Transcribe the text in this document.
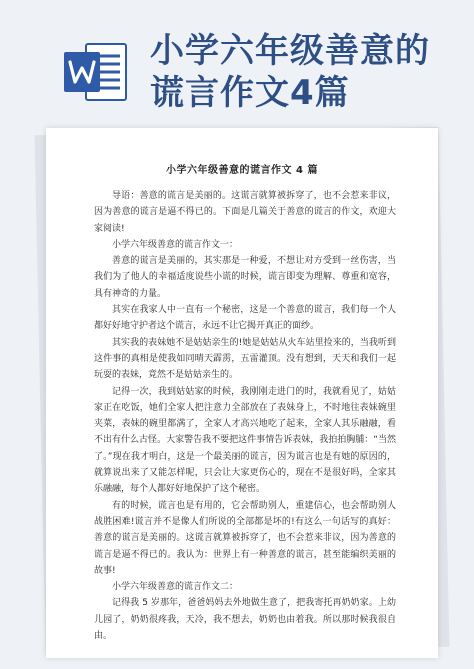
小学六年级善意的
谎言作文4篇
小学六年级善意的谎言作文 4 篇

导语：善意的谎言是美丽的。这谎言就算被拆穿了，也不会惹来非议，因为善意的谎言是逼不得已的。下面是几篇关于善意的谎言的作文，欢迎大家阅读!

小学六年级善意的谎言作文一：

善意的谎言是美丽的，其实那是一种爱，不想让对方受到一丝伤害，当我们为了他人的幸福适度说些小谎的时候，谎言即变为理解、尊重和宽容，具有神奇的力量。

其实在我家人中一直有一个秘密，这是一个善意的谎言，我们每一个人都好好地守护者这个谎言，永远不让它揭开真正的面纱。

其实我的表妹她不是姑姑亲生的!她是姑姑从火车站里捡来的，当我听到这件事的真相是使我如同晴天霹雳，五雷灌顶。没有想到，天天和我们一起玩耍的表妹，竟然不是姑姑亲生的。

记得一次，我到姑姑家的时候，我刚刚走进门的时，我就看见了，姑姑家正在吃饭，她们全家人把注意力全部放在了表妹身上，不时地往表妹碗里夹菜，表妹的碗里都满了，全家人才高兴地吃了起来，全家人其乐融融，看不出有什么古怪。大家警告我不要把这件事情告诉表妹，我拍拍胸脯：“当然了。”现在我才明白，这是一个最美丽的谎言，因为谎言也是有她的原因的，就算说出来了又能怎样呢，只会让大家更伤心的，现在不是很好吗，全家其乐融融，每个人都好好地保护了这个秘密。

有的时候，谎言也是有用的，它会帮助别人，重建信心，也会帮助别人战胜困难!谎言并不是像人们所说的全部都是坏的!有这么一句话写的真好：善意的谎言是美丽的。这谎言就算被拆穿了，也不会惹来非议，因为善意的谎言是逼不得已的。我认为：世界上有一种善意的谎言，甚至能编织美丽的故事!

小学六年级善意的谎言作文二：

记得我 5 岁那年，爸爸妈妈去外地做生意了，把我寄托再奶奶家。上幼儿园了，奶奶很疼我，天冷，我不想去，奶奶也由着我。所以那时候我很自由。
